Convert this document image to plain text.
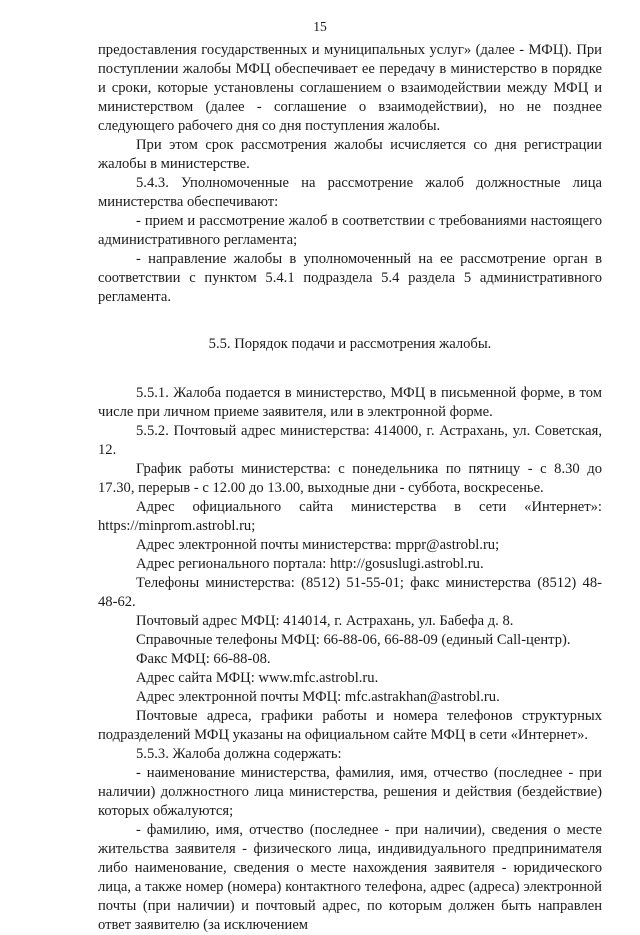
15

предоставления государственных и муниципальных услуг» (далее - МФЦ). При поступлении жалобы МФЦ обеспечивает ее передачу в министерство в порядке и сроки, которые установлены соглашением о взаимодействии между МФЦ и министерством (далее - соглашение о взаимодействии), но не позднее следующего рабочего дня со дня поступления жалобы.

При этом срок рассмотрения жалобы исчисляется со дня регистрации жалобы в министерстве.

5.4.3. Уполномоченные на рассмотрение жалоб должностные лица министерства обеспечивают:

- прием и рассмотрение жалоб в соответствии с требованиями настоящего административного регламента;

- направление жалобы в уполномоченный на ее рассмотрение орган в соответствии с пунктом 5.4.1 подраздела 5.4 раздела 5 административного регламента.

5.5. Порядок подачи и рассмотрения жалобы.

5.5.1. Жалоба подается в министерство, МФЦ в письменной форме, в том числе при личном приеме заявителя, или в электронной форме.

5.5.2. Почтовый адрес министерства: 414000, г. Астрахань, ул. Советская, 12.

График работы министерства: с понедельника по пятницу - с 8.30 до 17.30, перерыв - с 12.00 до 13.00, выходные дни - суббота, воскресенье.

Адрес официального сайта министерства в сети «Интернет»: https://minprom.astrobl.ru;

Адрес электронной почты министерства: mppr@astrobl.ru;

Адрес регионального портала: http://gosuslugi.astrobl.ru.

Телефоны министерства: (8512) 51-55-01; факс министерства (8512) 48-48-62.

Почтовый адрес МФЦ: 414014, г. Астрахань, ул. Бабефа д. 8.

Справочные телефоны МФЦ: 66-88-06, 66-88-09 (единый Call-центр).

Факс МФЦ: 66-88-08.

Адрес сайта МФЦ: www.mfc.astrobl.ru.

Адрес электронной почты МФЦ: mfc.astrakhan@astrobl.ru.

Почтовые адреса, графики работы и номера телефонов структурных подразделений МФЦ указаны на официальном сайте МФЦ в сети «Интернет».

5.5.3. Жалоба должна содержать:

- наименование министерства, фамилия, имя, отчество (последнее - при наличии) должностного лица министерства, решения и действия (бездействие) которых обжалуются;

- фамилию, имя, отчество (последнее - при наличии), сведения о месте жительства заявителя - физического лица, индивидуального предпринимателя либо наименование, сведения о месте нахождения заявителя - юридического лица, а также номер (номера) контактного телефона, адрес (адреса) электронной почты (при наличии) и почтовый адрес, по которым должен быть направлен ответ заявителю (за исключением
